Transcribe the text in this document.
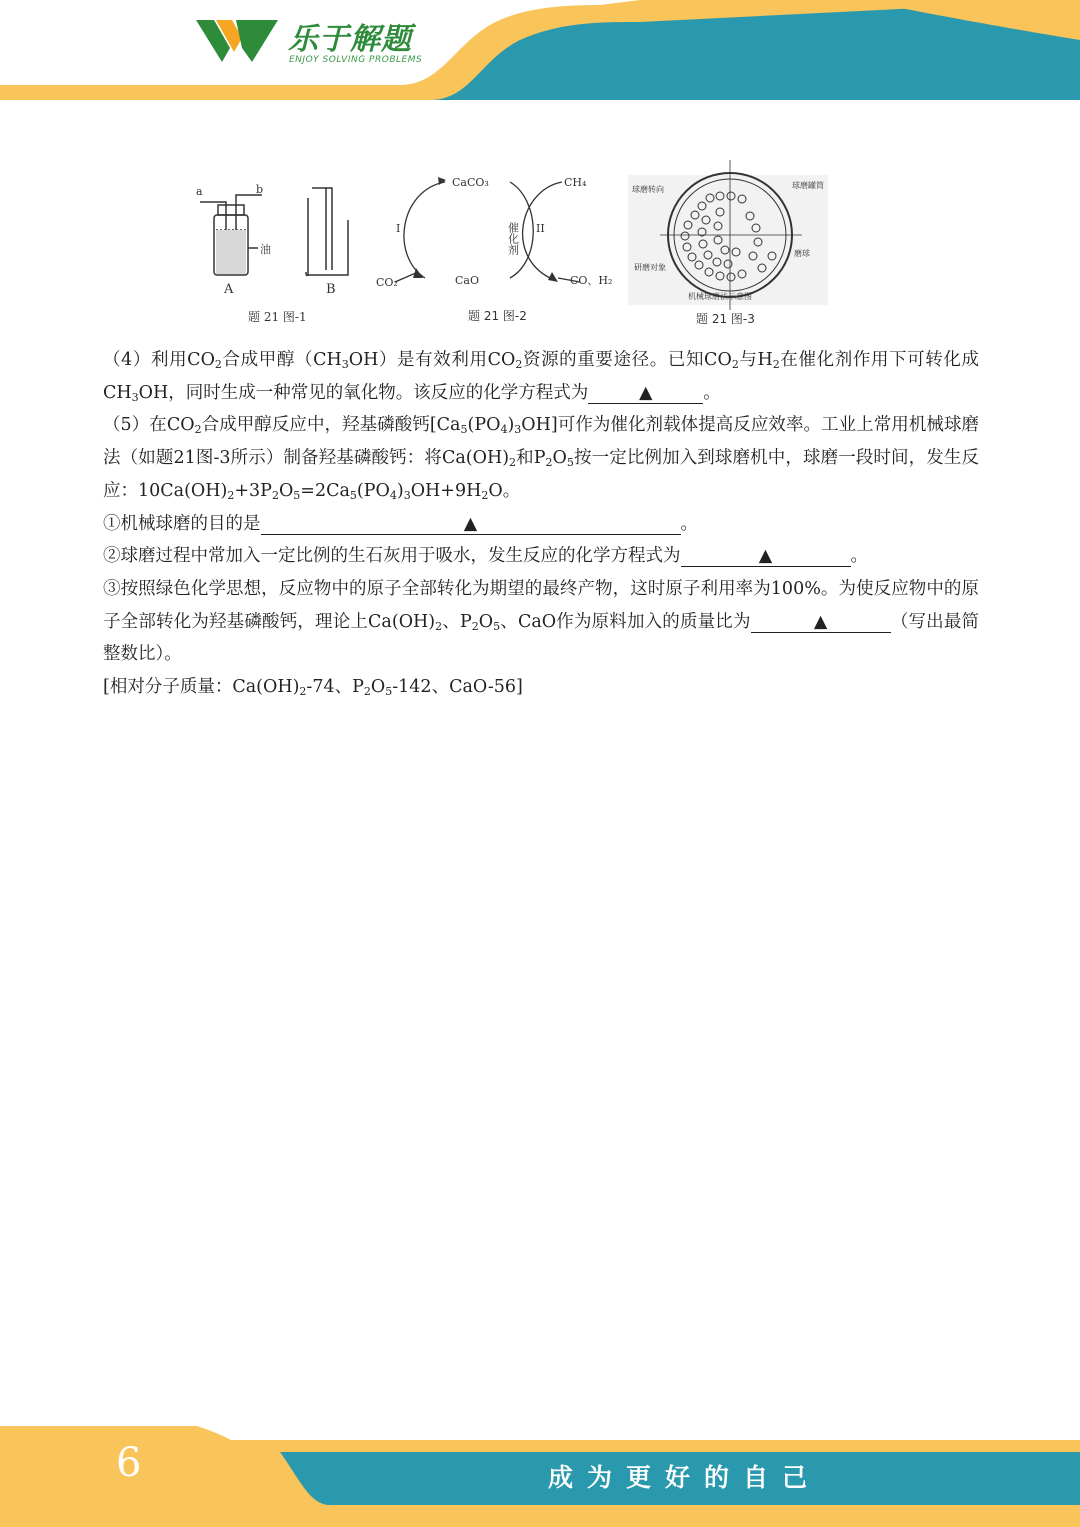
乐于解题
ENJOY SOLVING PROBLEMS
a	b
油
A	B
题 21 图-1
CaCO₃	CH₄
I	II
催化剂
CO₂	CaO	CO、H₂
题 21 图-2
球磨转向	球磨罐筒
磨球
研磨对象
机械球磨法示意图
题 21 图-3

（4）利用$CO_2$合成甲醇$(CH_3OH)$是有效利用$CO_2$资源的重要途径。已知$CO_2$与$H_2$在催化剂作用下可转化成$CH_3OH$，同时生成一种常见的氧化物。该反应的化学方程式为	▲	。

（5）在$CO_2$合成甲醇反应中，羟基磷酸钙$[Ca_5(PO_4)_3OH]$可作为催化剂载体提高反应效率。工业上常用机械球磨法（如题21图-3所示）制备羟基磷酸钙：将$Ca(OH)_2$和$P_2O_5$按一定比例加入到球磨机中，球磨一段时间，发生反应：$10Ca(OH)_2+3P_2O_5=2Ca_5(PO_4)_3OH+9H_2O$。

①机械球磨的目的是	▲	。

②球磨过程中常加入一定比例的生石灰用于吸水，发生反应的化学方程式为	▲	。

③按照绿色化学思想，反应物中的原子全部转化为期望的最终产物，这时原子利用率为100%。为使反应物中的原子全部转化为羟基磷酸钙，理论上$Ca(OH)_2$、$P_2O_5$、CaO作为原料加入的质量比为	▲	（写出最简整数比）。

[相对分子质量：$Ca(OH)_2-74$、$P_2O_5-142$、CaO-56]

6	成为更好的自己
